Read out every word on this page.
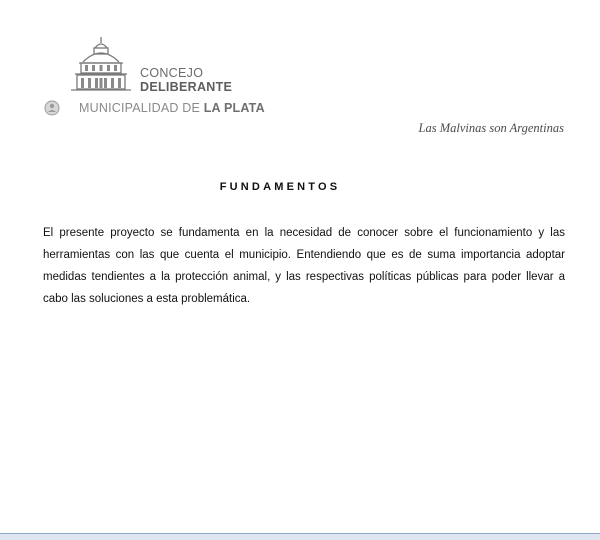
CONCEJO
DELIBERANTE
MUNICIPALIDAD DE LA PLATA
Las Malvinas son Argentinas
FUNDAMENTOS
El presente proyecto se fundamenta en la necesidad de conocer sobre el funcionamiento y las herramientas con las que cuenta el municipio. Entendiendo que es de suma importancia adoptar medidas tendientes a la protección animal, y las respectivas políticas públicas para poder llevar a cabo las soluciones a esta problemática.
